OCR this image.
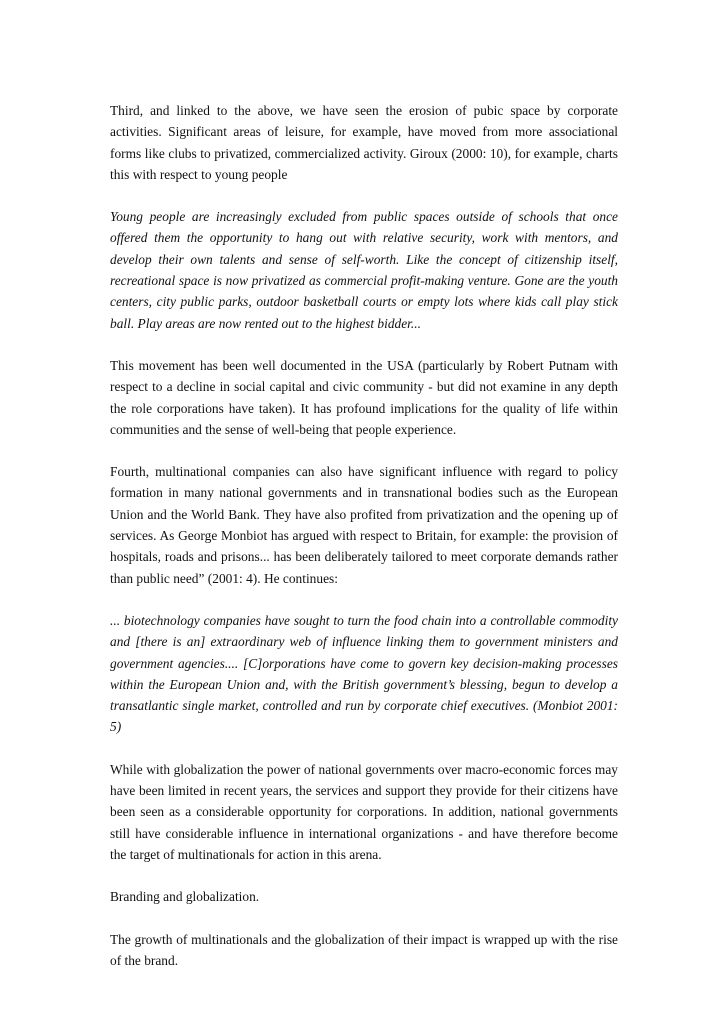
Third, and linked to the above, we have seen the erosion of pubic space by corporate activities. Significant areas of leisure, for example, have moved from more associational forms like clubs to privatized, commercialized activity. Giroux (2000: 10), for example, charts this with respect to young people

Young people are increasingly excluded from public spaces outside of schools that once offered them the opportunity to hang out with relative security, work with mentors, and develop their own talents and sense of self-worth. Like the concept of citizenship itself, recreational space is now privatized as commercial profit-making venture. Gone are the youth centers, city public parks, outdoor basketball courts or empty lots where kids call play stick ball. Play areas are now rented out to the highest bidder...

This movement has been well documented in the USA (particularly by Robert Putnam with respect to a decline in social capital and civic community - but did not examine in any depth the role corporations have taken). It has profound implications for the quality of life within communities and the sense of well-being that people experience.

Fourth, multinational companies can also have significant influence with regard to policy formation in many national governments and in transnational bodies such as the European Union and the World Bank. They have also profited from privatization and the opening up of services. As George Monbiot has argued with respect to Britain, for example: the provision of hospitals, roads and prisons... has been deliberately tailored to meet corporate demands rather than public need” (2001: 4). He continues:

... biotechnology companies have sought to turn the food chain into a controllable commodity and [there is an] extraordinary web of influence linking them to government ministers and government agencies.... [C]orporations have come to govern key decision-making processes within the European Union and, with the British government’s blessing, begun to develop a transatlantic single market, controlled and run by corporate chief executives. (Monbiot 2001: 5)

While with globalization the power of national governments over macro-economic forces may have been limited in recent years, the services and support they provide for their citizens have been seen as a considerable opportunity for corporations. In addition, national governments still have considerable influence in international organizations - and have therefore become the target of multinationals for action in this arena.

Branding and globalization.

The growth of multinationals and the globalization of their impact is wrapped up with the rise of the brand.
